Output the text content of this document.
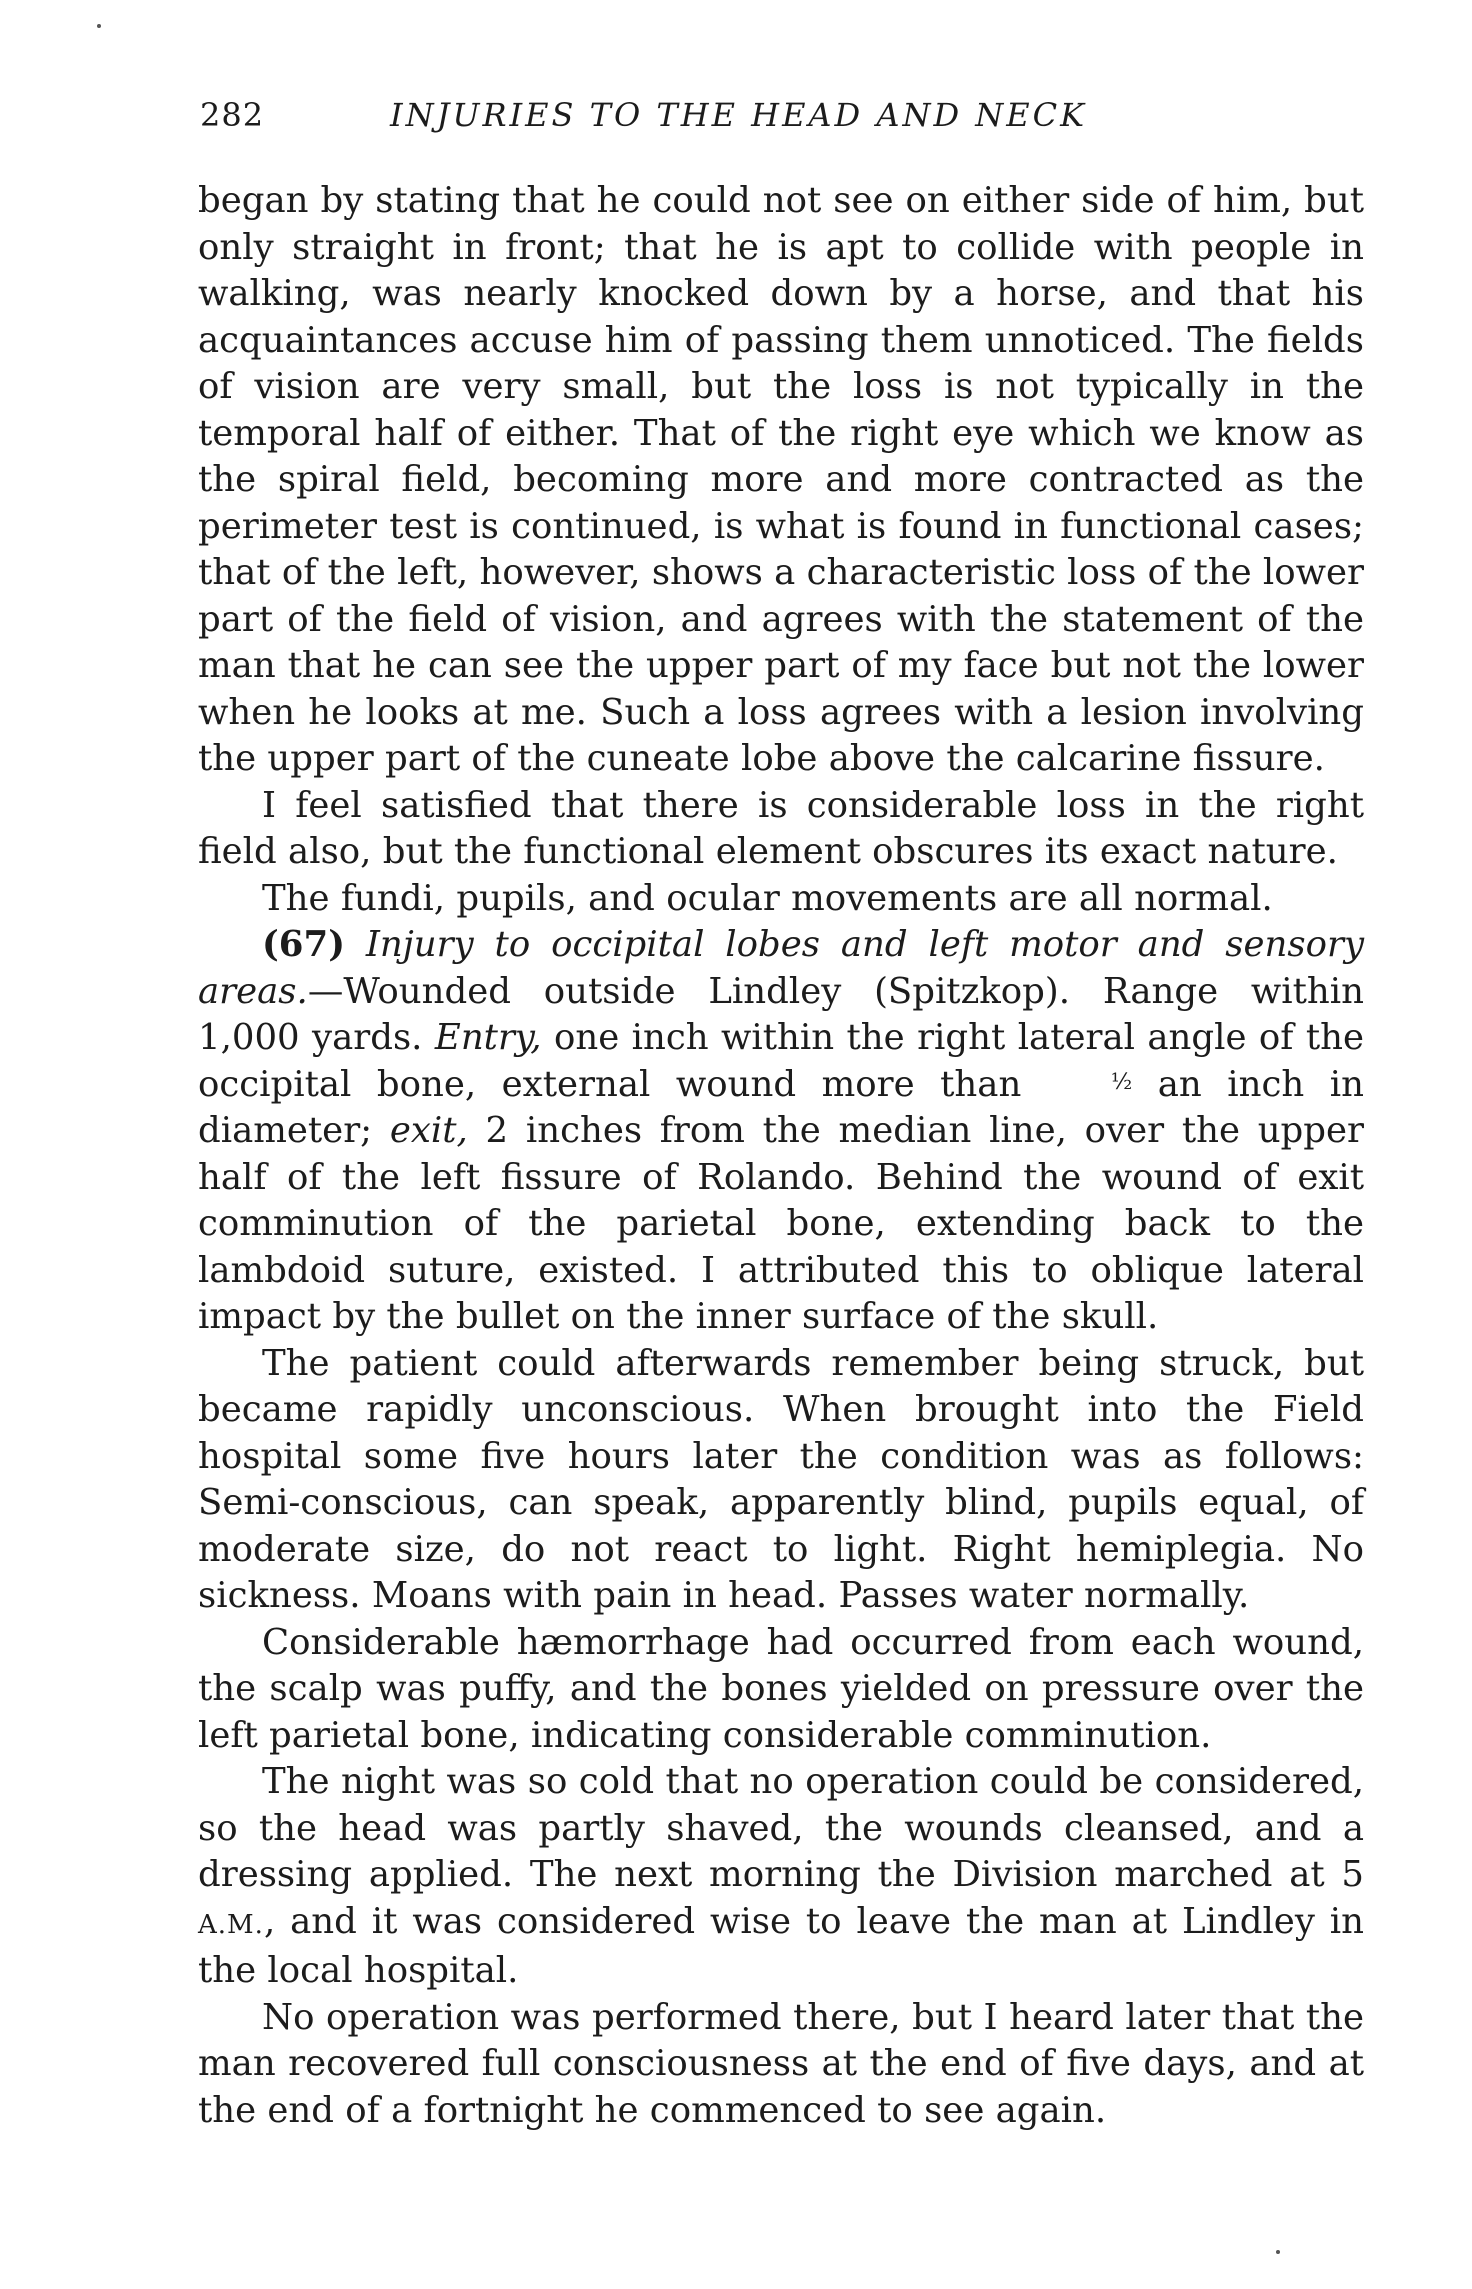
282	INJURIES TO THE HEAD AND NECK

began by stating that he could not see on either side of him, but only straight in front; that he is apt to collide with people in walking, was nearly knocked down by a horse, and that his acquaintances accuse him of passing them unnoticed. The fields of vision are very small, but the loss is not typically in the temporal half of either. That of the right eye which we know as the spiral field, becoming more and more contracted as the perimeter test is continued, is what is found in functional cases; that of the left, however, shows a characteristic loss of the lower part of the field of vision, and agrees with the statement of the man that he can see the upper part of my face but not the lower when he looks at me. Such a loss agrees with a lesion involving the upper part of the cuneate lobe above the calcarine fissure.

I feel satisfied that there is considerable loss in the right field also, but the functional element obscures its exact nature.

The fundi, pupils, and ocular movements are all normal.

(67) Injury to occipital lobes and left motor and sensory areas.—Wounded outside Lindley (Spitzkop). Range within 1,000 yards. Entry, one inch within the right lateral angle of the occipital bone, external wound more than	½ an inch in diameter; exit, 2 inches from the median line, over the upper half of the left fissure of Rolando. Behind the wound of exit comminution of the parietal bone, extending back to the lambdoid suture, existed. I attributed this to oblique lateral impact by the bullet on the inner surface of the skull.

The patient could afterwards remember being struck, but became rapidly unconscious. When brought into the Field hospital some five hours later the condition was as follows: Semi-conscious, can speak, apparently blind, pupils equal, of moderate size, do not react to light. Right hemiplegia. No sickness. Moans with pain in head. Passes water normally.

Considerable hæmorrhage had occurred from each wound, the scalp was puffy, and the bones yielded on pressure over the left parietal bone, indicating considerable comminution.

The night was so cold that no operation could be considered, so the head was partly shaved, the wounds cleansed, and a dressing applied. The next morning the Division marched at 5 A.M., and it was considered wise to leave the man at Lindley in the local hospital.

No operation was performed there, but I heard later that the man recovered full consciousness at the end of five days, and at the end of a fortnight he commenced to see again.
